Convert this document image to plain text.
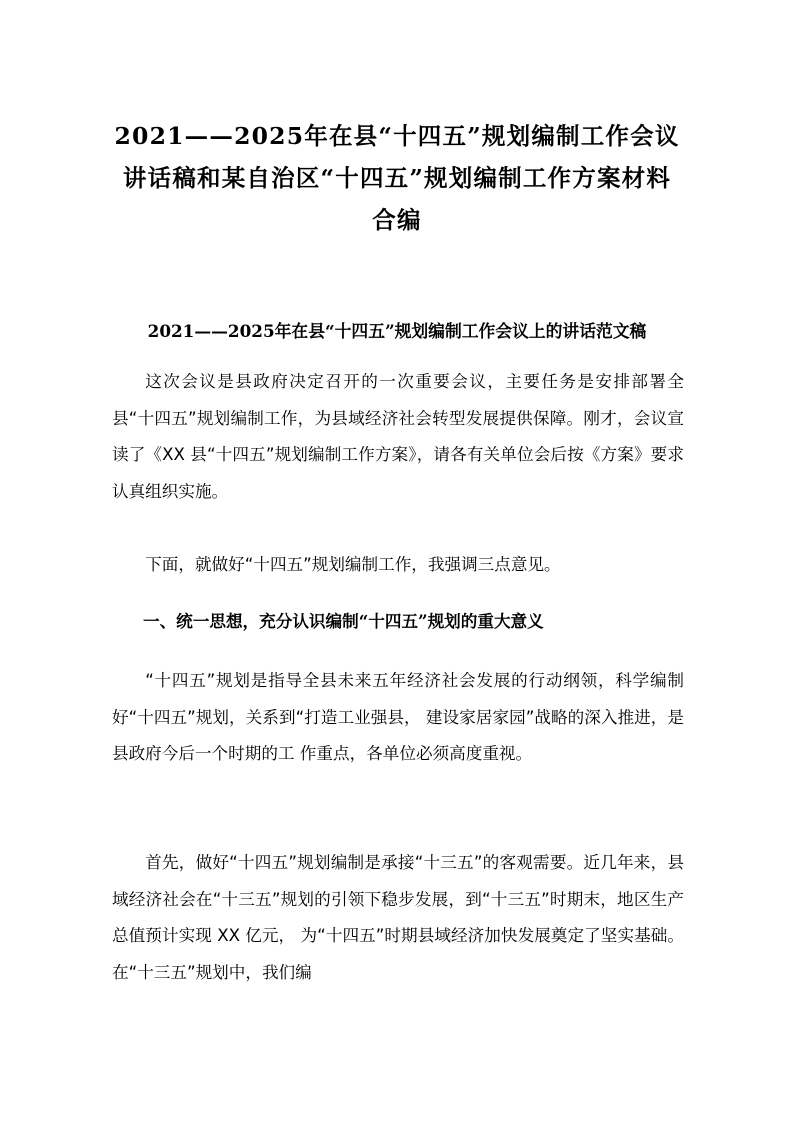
2021——2025年在县“十四五”规划编制工作会议讲话稿和某自治区“十四五”规划编制工作方案材料合编
2021——2025年在县“十四五”规划编制工作会议上的讲话范文稿

这次会议是县政府决定召开的一次重要会议，主要任务是安排部署全县“十四五”规划编制工作，为县域经济社会转型发展提供保障。刚才，会议宣读了《XX 县“十四五”规划编制工作方案》，请各有关单位会后按《方案》要求认真组织实施。

下面，就做好“十四五”规划编制工作，我强调三点意见。

一、统一思想，充分认识编制“十四五”规划的重大意义

“十四五”规划是指导全县未来五年经济社会发展的行动纲领，科学编制好“十四五”规划，关系到“打造工业强县， 建设家居家园”战略的深入推进，是县政府今后一个时期的工 作重点，各单位必须高度重视。

首先，做好“十四五”规划编制是承接“十三五”的客观需要。近几年来，县域经济社会在“十三五”规划的引领下稳步发展，到“十三五”时期末，地区生产总值预计实现 XX 亿元， 为“十四五”时期县域经济加快发展奠定了坚实基础。在“十三五”规划中，我们编
